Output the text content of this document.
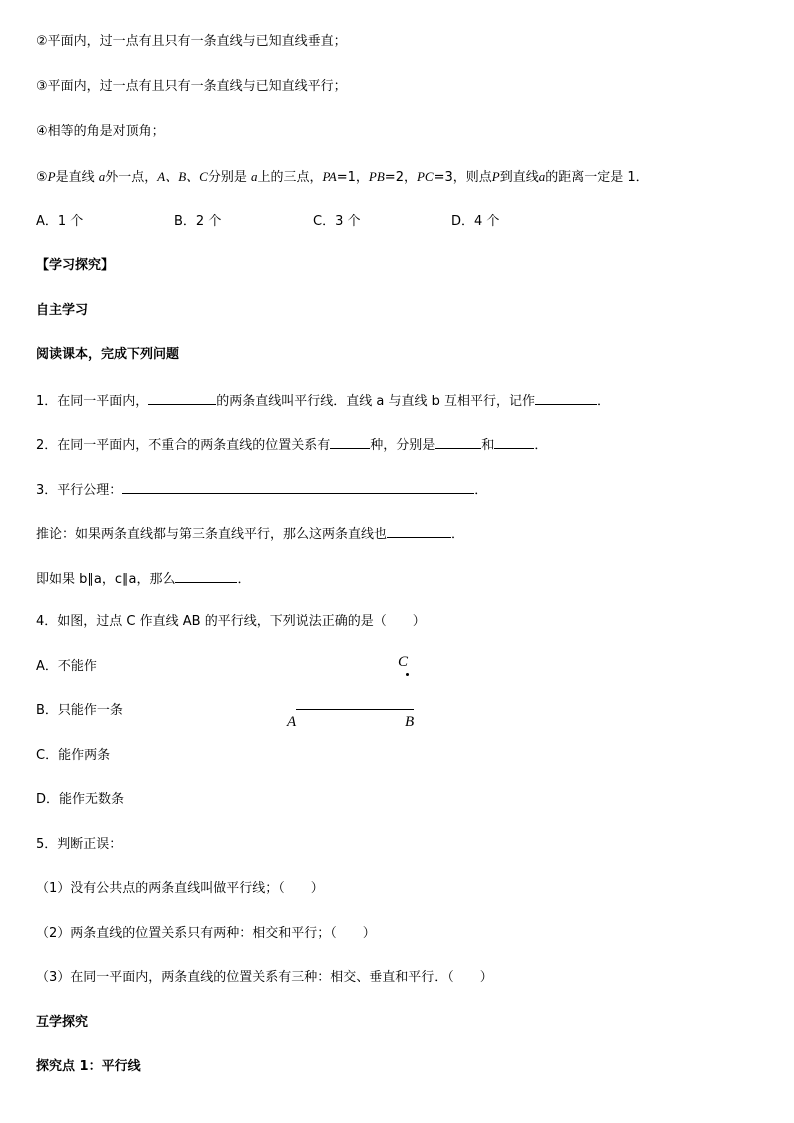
②平面内，过一点有且只有一条直线与已知直线垂直；
③平面内，过一点有且只有一条直线与已知直线平行；
④相等的角是对顶角；
⑤P是直线 a外一点，A、B、C分别是 a上的三点，PA=1，PB=2，PC=3，则点P到直线a的距离一定是 1．
A．1 个	B．2 个	C．3 个	D．4 个
【学习探究】
自主学习
阅读课本，完成下列问题
1．在同一平面内，	的两条直线叫平行线．直线 a 与直线 b 互相平行，记作	．
2．在同一平面内，不重合的两条直线的位置关系有	种，分别是	和	．
3．平行公理：	．
推论：如果两条直线都与第三条直线平行，那么这两条直线也	．
即如果 b∥a，c∥a，那么	．
4．如图，过点 C 作直线 AB 的平行线，下列说法正确的是（　　）
A．不能作
B．只能作一条
C．能作两条
D．能作无数条
C
A	B
5．判断正误：
（1）没有公共点的两条直线叫做平行线；（　　）
（2）两条直线的位置关系只有两种：相交和平行；（　　）
（3）在同一平面内，两条直线的位置关系有三种：相交、垂直和平行．（　　）
互学探究
探究点 1：平行线
